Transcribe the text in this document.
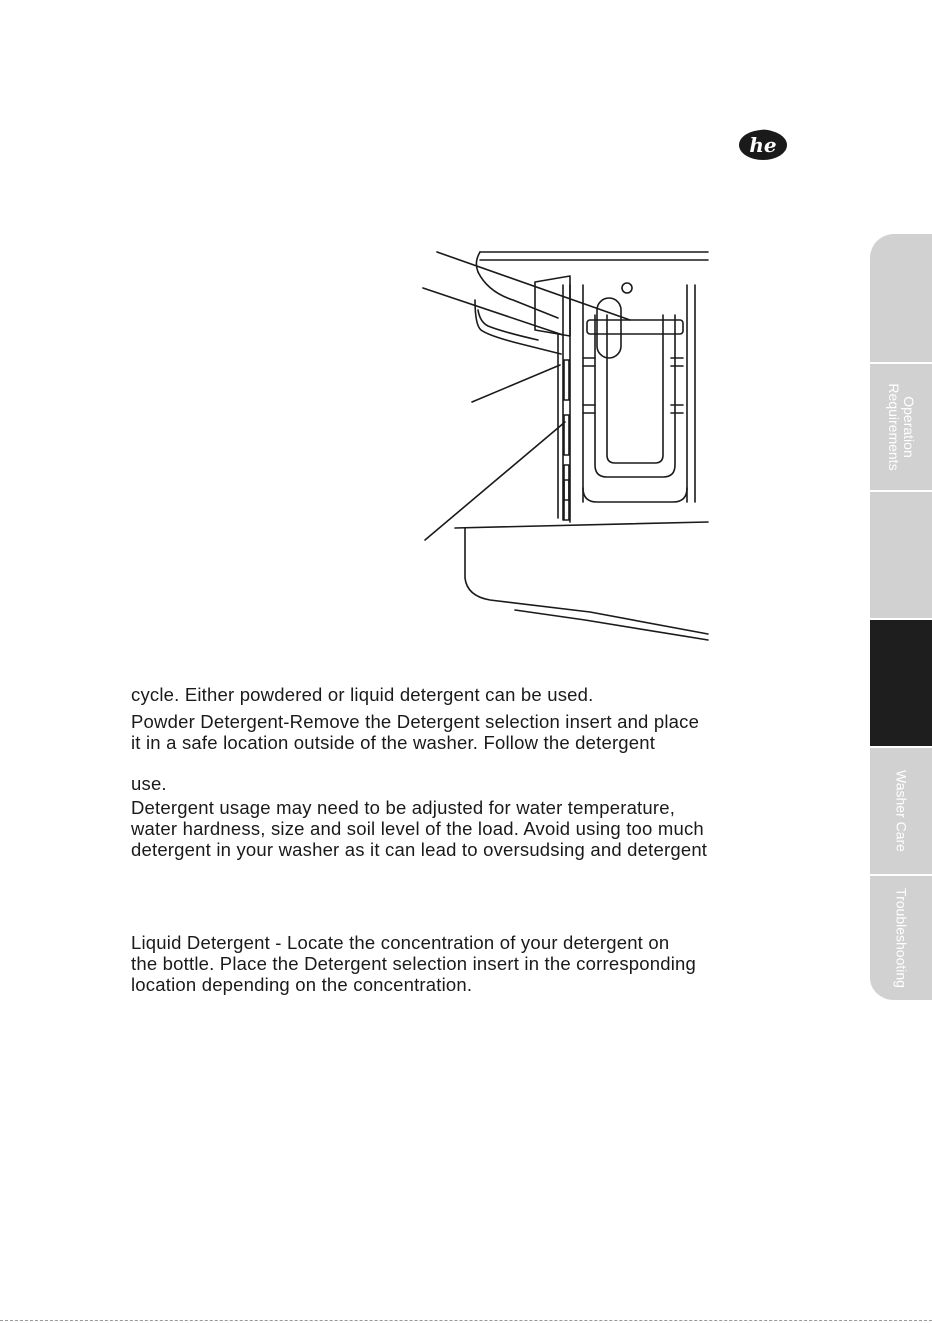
he

cycle. Either powdered or liquid detergent can be used.

Powder Detergent-Remove the Detergent selection insert and place

it in a safe location outside of the washer. Follow the detergent

use.

Detergent usage may need to be adjusted for water temperature,

water hardness, size and soil level of the load. Avoid using too much

detergent in your washer as it can lead to oversudsing and detergent

Liquid Detergent - Locate the concentration of your detergent on

the bottle. Place the Detergent selection insert in the corresponding

location depending on the concentration.

Operation
Requirements
Washer Care
Troubleshooting
